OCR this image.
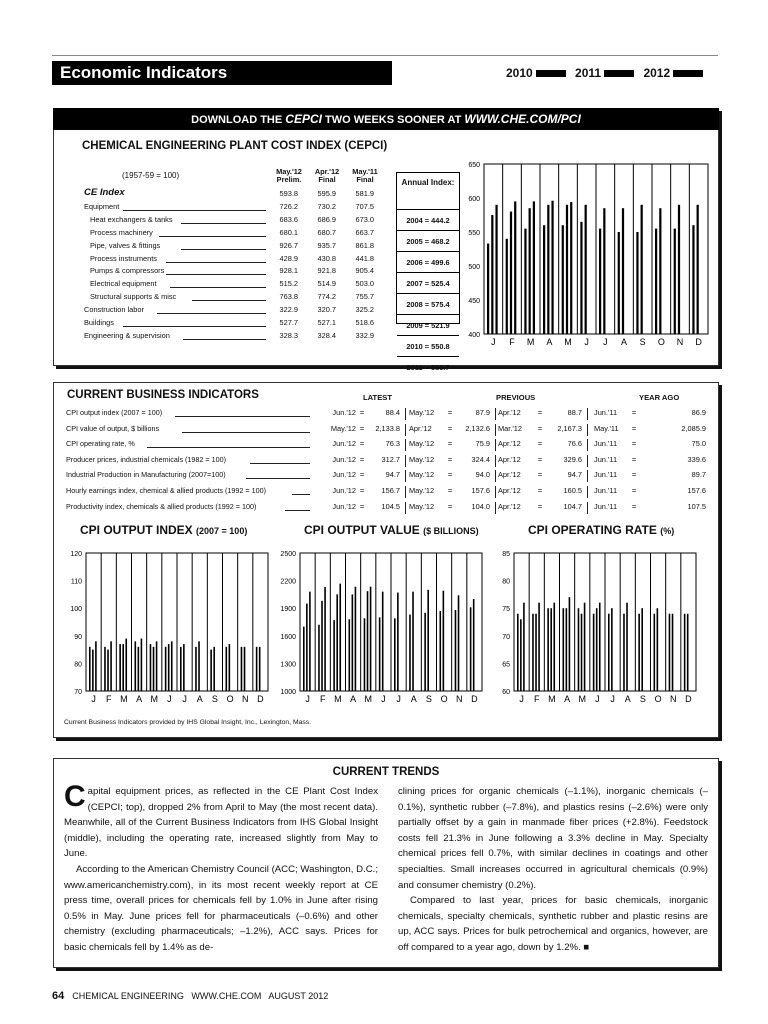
Economic Indicators	2010	2011	2012
DOWNLOAD THE CEPCI TWO WEEKS SOONER AT WWW.CHE.COM/PCI
CHEMICAL ENGINEERING PLANT COST INDEX (CEPCI)
(1957-59 = 100)	May.'12
Prelim.
Apr.'12
Final
May.'11
Final
CE Index	593.8	595.9	581.9
Equipment	726.2	730.2	707.5
Heat exchangers & tanks	683.6	686.9	673.0
Process machinery	680.1	680.7	663.7
Pipe, valves & fittings	926.7	935.7	861.8
Process instruments	428.9	430.8	441.8
Pumps & compressors	928.1	921.8	905.4
Electrical equipment	515.2	514.9	503.0
Structural supports & misc	763.8	774.2	755.7
Construction labor	322.9	320.7	325.2
Buildings	527.7	527.1	518.6
Engineering & supervision	328.3	328.4	332.9
Annual Index:
2004 = 444.2
2005 = 468.2
2006 = 499.6
2007 = 525.4
2008 = 575.4
2009 = 521.9
2010 = 550.8
2011 = 585.7
400
450
500
550
600
650
J F M A M J J A S O N D
CURRENT BUSINESS INDICATORS	LATEST	PREVIOUS	YEAR AGO
CPI output index (2007 = 100)	Jun.'12 =	88.4 May.'12	=	87.9 Apr.'12	=	88.7 Jun.'11	=	86.9
CPI value of output, $ billions	May.'12 =	2,133.8 Apr.'12	=	2,132.6 Mar.'12	=	2,167.3 May.'11	=	2,085.9
CPI operating rate, %	Jun.'12 =	76.3 May.'12	=	75.9 Apr.'12	=	76.6 Jun.'11	=	75.0
Producer prices, industrial chemicals (1982 = 100)	Jun.'12 =	312.7 May.'12	=	324.4 Apr.'12	=	329.6 Jun.'11	=	339.6
Industrial Production in Manufacturing (2007=100)	Jun.'12 =	94.7 May.'12	=	94.0 Apr.'12	=	94.7 Jun.'11	=	89.7
Hourly earnings index, chemical & allied products (1992 = 100)	Jun.'12 =	156.7 May.'12	=	157.6 Apr.'12	=	160.5 Jun.'11	=	157.6
Productivity index, chemicals & allied products (1992 = 100)	Jun.'12 =	104.5 May.'12	=	104.0 Apr.'12	=	104.7 Jun.'11	=	107.5
CPI OUTPUT INDEX (2007 = 100)	CPI OUTPUT VALUE ($ BILLIONS)	CPI OPERATING RATE (%)
70
80
90
100
110
120
J F M A M J J A S O N D
1000
1300
1600
1900
2200
2500
J F M A M J J A S O N D
60
65
70
75
80
85
J F M A M J J A S O N D
Current Business Indicators provided by IHS Global Insight, Inc., Lexington, Mass.
CURRENT TRENDS

Capital equipment prices, as reflected in the CE Plant Cost Index (CEPCI; top), dropped 2% from April to May (the most recent data). Meanwhile, all of the Current Business Indicators from IHS Global Insight (middle), including the operating rate, increased slightly from May to June.

According to the American Chemistry Council (ACC; Washington, D.C.; www.americanchemistry.com), in its most recent weekly report at CE press time, overall prices for chemicals fell by 1.0% in June after rising 0.5% in May. June prices fell for pharmaceuticals (–0.6%) and other chemistry (excluding pharmaceuticals; –1.2%), ACC says. Prices for basic chemicals fell by 1.4% as de-

clining prices for organic chemicals (–1.1%), inorganic chemicals (–0.1%), synthetic rubber (–7.8%), and plastics resins (–2.6%) were only partially offset by a gain in manmade fiber prices (+2.8%). Feedstock costs fell 21.3% in June following a 3.3% decline in May. Specialty chemical prices fell 0.7%, with similar declines in coatings and other specialties. Small increases occurred in agricultural chemicals (0.9%) and consumer chemistry (0.2%).

Compared to last year, prices for basic chemicals, inorganic chemicals, specialty chemicals, synthetic rubber and plastic resins are up, ACC says. Prices for bulk petrochemical and organics, however, are off compared to a year ago, down by 1.2%. ■

64 CHEMICAL ENGINEERING   WWW.CHE.COM   AUGUST 2012
